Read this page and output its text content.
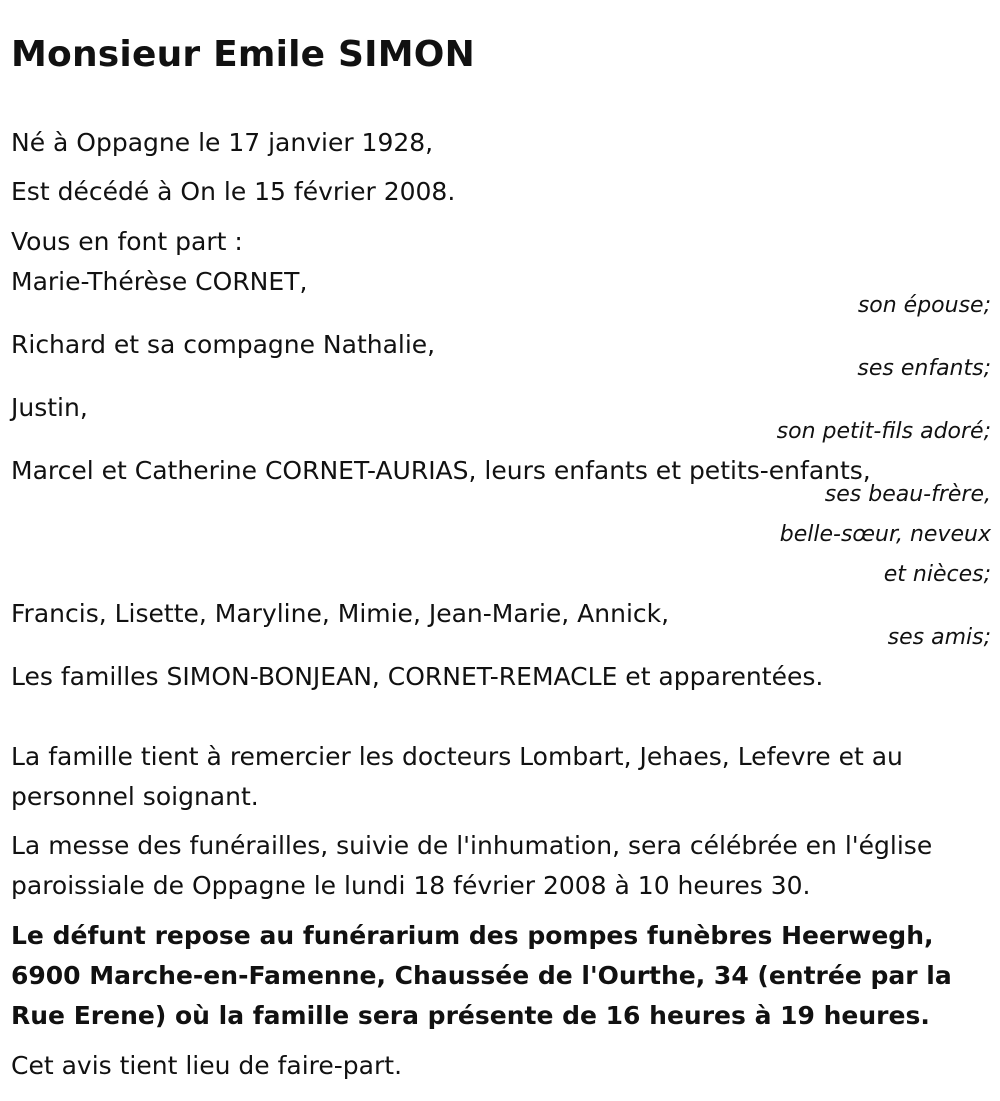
Monsieur Emile SIMON
Né à Oppagne le 17 janvier 1928,
Est décédé à On le 15 février 2008.
Vous en font part :
Marie-Thérèse CORNET,
son épouse;
Richard et sa compagne Nathalie,
ses enfants;
Justin,
son petit-fils adoré;
Marcel et Catherine CORNET-AURIAS, leurs enfants et petits-enfants,
ses beau-frère,
belle-sœur, neveux
et nièces;
Francis, Lisette, Maryline, Mimie, Jean-Marie, Annick,
ses amis;
Les familles SIMON-BONJEAN, CORNET-REMACLE et apparentées.
La famille tient à remercier les docteurs Lombart, Jehaes, Lefevre et au personnel soignant.
La messe des funérailles, suivie de l'inhumation, sera célébrée en l'église paroissiale de Oppagne le lundi 18 février 2008 à 10 heures 30.
Le défunt repose au funérarium des pompes funèbres Heerwegh, 6900 Marche-en-Famenne, Chaussée de l'Ourthe, 34 (entrée par la Rue Erene) où la famille sera présente de 16 heures à 19 heures.
Cet avis tient lieu de faire-part.
